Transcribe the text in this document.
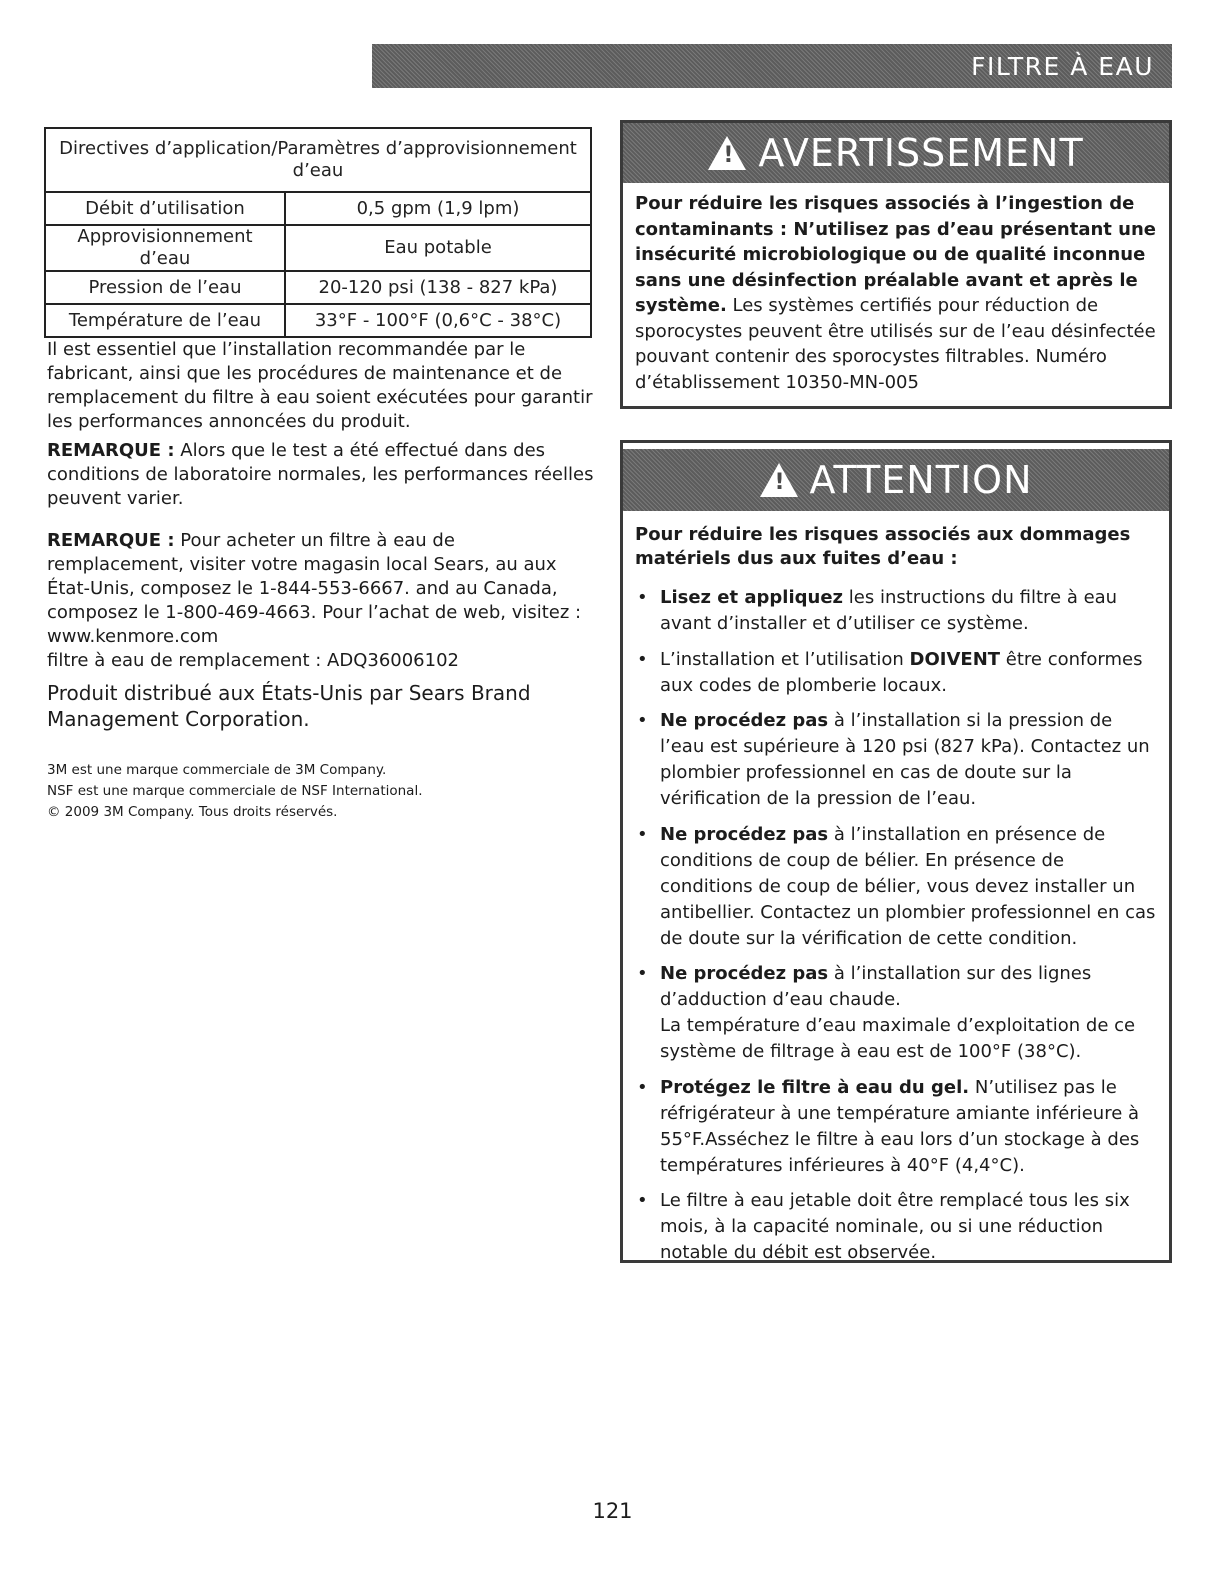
FILTRE À EAU
Directives d’application/Paramètres d’approvisionnement d’eau	
Débit d’utilisation	0,5 gpm (1,9 lpm)
Approvisionnement d’eau	Eau potable
Pression de l’eau	20-120 psi (138 - 827 kPa)
Température de l’eau	33°F - 100°F (0,6°C - 38°C)

Il est essentiel que l’installation recommandée par le fabricant, ainsi que les procédures de maintenance et de remplacement du filtre à eau soient exécutées pour garantir les performances annoncées du produit.

REMARQUE : Alors que le test a été effectué dans des conditions de laboratoire normales, les performances réelles peuvent varier.

REMARQUE : Pour acheter un filtre à eau de remplacement, visiter votre magasin local Sears, au aux État-Unis, composez le 1-844-553-6667. and au Canada, composez le 1-800-469-4663. Pour l’achat de web, visitez : www.kenmore.com
filtre à eau de remplacement : ADQ36006102

Produit distribué aux États-Unis par Sears Brand Management Corporation.

3M est une marque commerciale de 3M Company.

NSF est une marque commerciale de NSF International.

© 2009 3M Company. Tous droits réservés.

! AVERTISSEMENT
Pour réduire les risques associés à l’ingestion de contaminants : N’utilisez pas d’eau présentant une insécurité microbiologique ou de qualité inconnue sans une désinfection préalable avant et après le système. Les systèmes certifiés pour réduction de sporocystes peuvent être utilisés sur de l’eau désinfectée pouvant contenir des sporocystes filtrables. Numéro d’établissement 10350-MN-005
! ATTENTION

Pour réduire les risques associés aux dommages matériels dus aux fuites d’eau :

• Lisez et appliquez les instructions du filtre à eau avant d’installer et d’utiliser ce système.
• L’installation et l’utilisation DOIVENT être conformes aux codes de plomberie locaux.
• Ne procédez pas à l’installation si la pression de l’eau est supérieure à 120 psi (827 kPa). Contactez un plombier professionnel en cas de doute sur la vérification de la pression de l’eau.
• Ne procédez pas à l’installation en présence de conditions de coup de bélier. En présence de conditions de coup de bélier, vous devez installer un antibellier. Contactez un plombier professionnel en cas de doute sur la vérification de cette condition.
• Ne procédez pas à l’installation sur des lignes d’adduction d’eau chaude.
La température d’eau maximale d’exploitation de ce système de filtrage à eau est de 100°F (38°C).
• Protégez le filtre à eau du gel. N’utilisez pas le réfrigérateur à une température amiante inférieure à 55°F.Asséchez le filtre à eau lors d’un stockage à des températures inférieures à 40°F (4,4°C).
• Le filtre à eau jetable doit être remplacé tous les six mois, à la capacité nominale, ou si une réduction notable du débit est observée.

121
